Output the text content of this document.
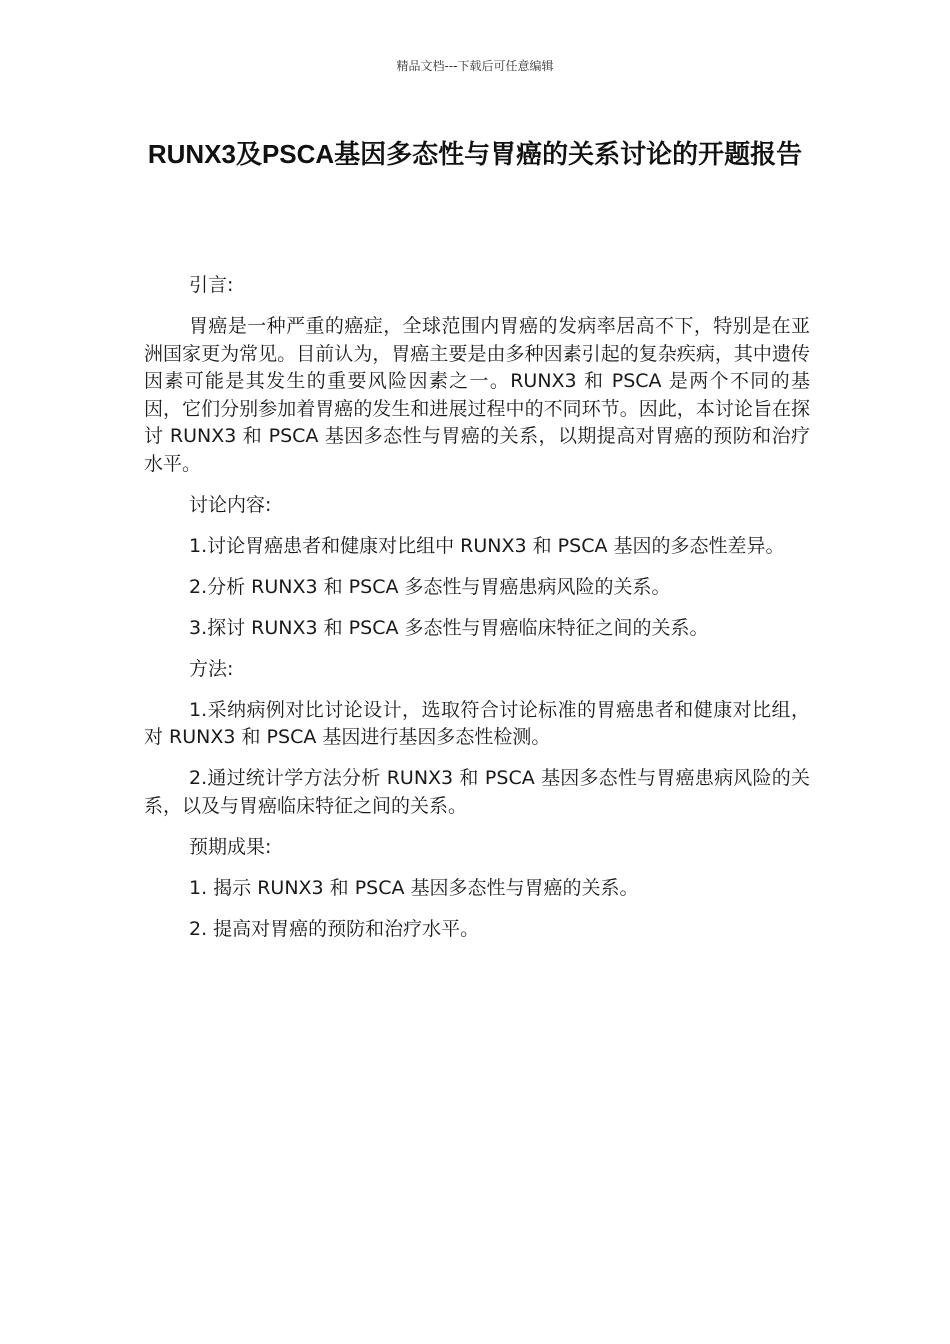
精品文档---下载后可任意编辑
RUNX3及PSCA基因多态性与胃癌的关系讨论的开题报告

引言:

胃癌是一种严重的癌症，全球范围内胃癌的发病率居高不下，特别是在亚洲国家更为常见。目前认为，胃癌主要是由多种因素引起的复杂疾病，其中遗传因素可能是其发生的重要风险因素之一。RUNX3 和 PSCA 是两个不同的基因，它们分别参加着胃癌的发生和进展过程中的不同环节。因此，本讨论旨在探讨 RUNX3 和 PSCA 基因多态性与胃癌的关系，以期提高对胃癌的预防和治疗水平。

讨论内容:

1.讨论胃癌患者和健康对比组中 RUNX3 和 PSCA 基因的多态性差异。

2.分析 RUNX3 和 PSCA 多态性与胃癌患病风险的关系。

3.探讨 RUNX3 和 PSCA 多态性与胃癌临床特征之间的关系。

方法:

1.采纳病例对比讨论设计，选取符合讨论标准的胃癌患者和健康对比组，对 RUNX3 和 PSCA 基因进行基因多态性检测。

2.通过统计学方法分析 RUNX3 和 PSCA 基因多态性与胃癌患病风险的关系，以及与胃癌临床特征之间的关系。

预期成果:

1. 揭示 RUNX3 和 PSCA 基因多态性与胃癌的关系。

2. 提高对胃癌的预防和治疗水平。
